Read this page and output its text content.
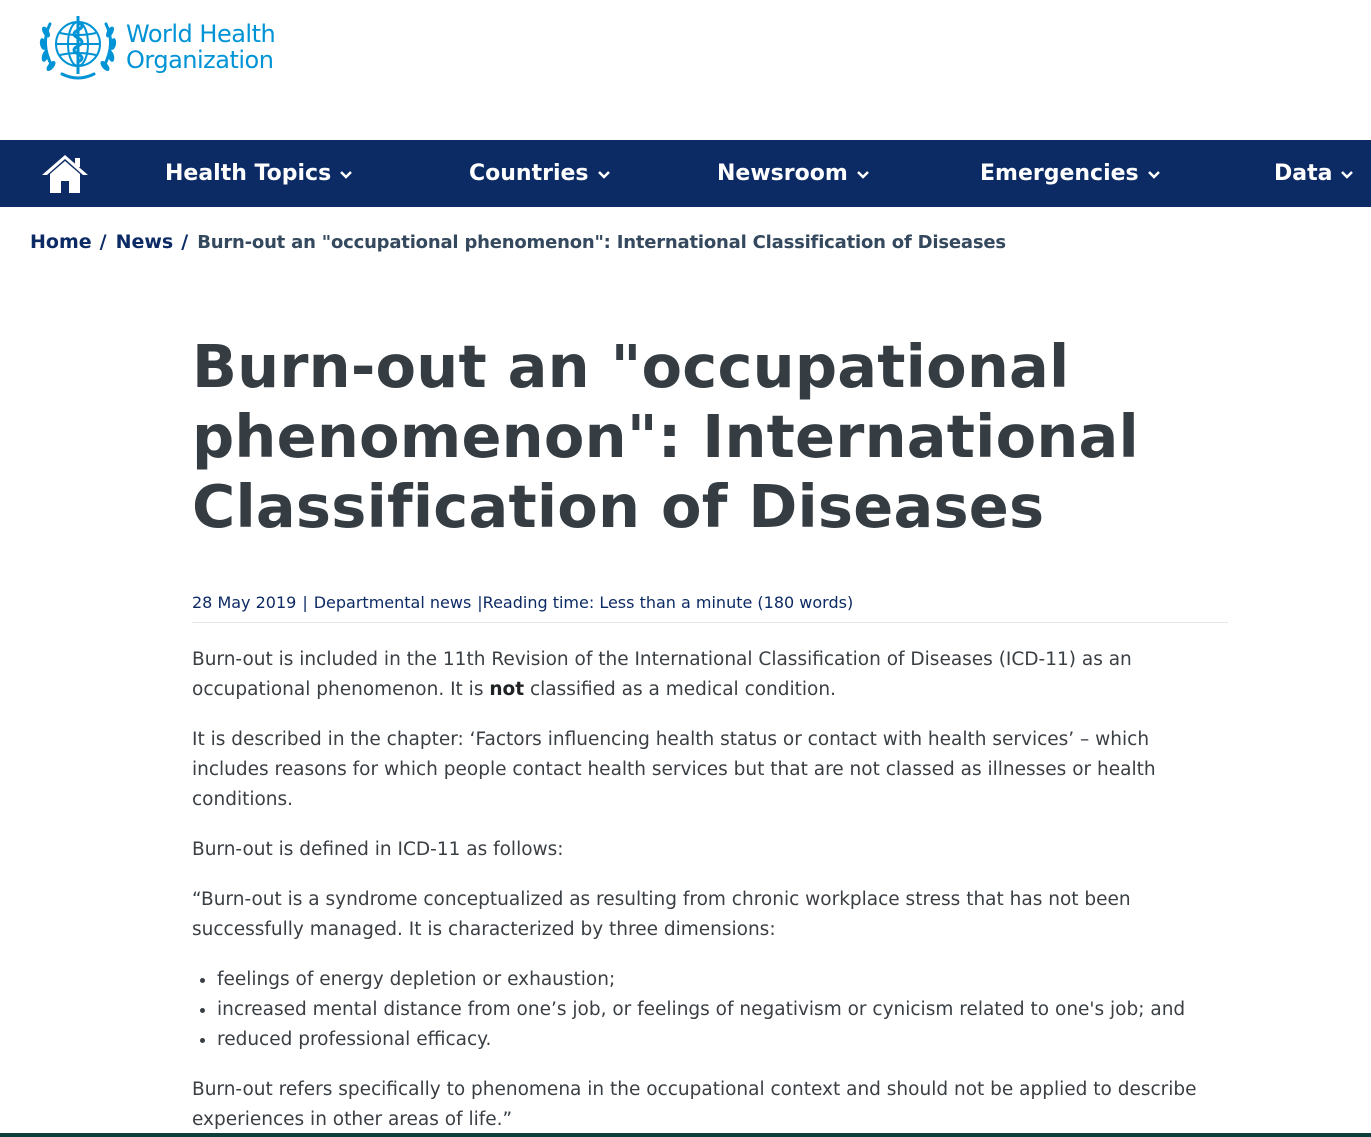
World Health
Organization
Health Topics	Countries	Newsroom	Emergencies	Data
Home / News / Burn-out an "occupational phenomenon": International Classification of Diseases
Burn-out an "occupational phenomenon": International Classification of Diseases
28 May 2019 | Departmental news |Reading time: Less than a minute (180 words)

Burn-out is included in the 11th Revision of the International Classification of Diseases (ICD-11) as an occupational phenomenon. It is not classified as a medical condition.

It is described in the chapter: ‘Factors influencing health status or contact with health services’ – which includes reasons for which people contact health services but that are not classed as illnesses or health conditions.

Burn-out is defined in ICD-11 as follows:

“Burn-out is a syndrome conceptualized as resulting from chronic workplace stress that has not been successfully managed. It is characterized by three dimensions:

• feelings of energy depletion or exhaustion;
• increased mental distance from one’s job, or feelings of negativism or cynicism related to one's job; and
• reduced professional efficacy.

Burn-out refers specifically to phenomena in the occupational context and should not be applied to describe experiences in other areas of life.”
